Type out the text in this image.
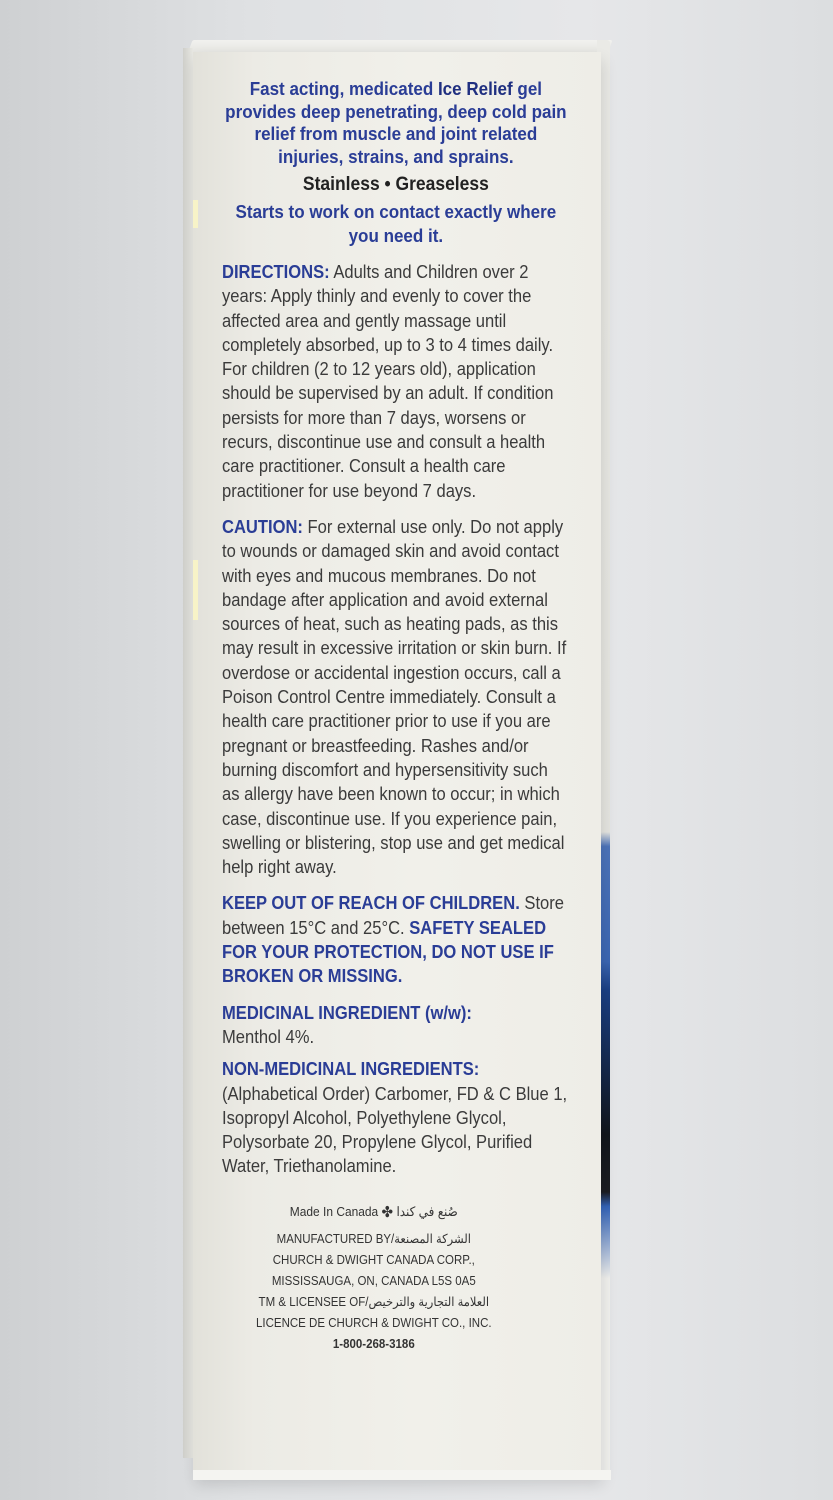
Fast acting, medicated Ice Relief gel provides deep penetrating, deep cold pain relief from muscle and joint related injuries, strains, and sprains.

Stainless • Greaseless

Starts to work on contact exactly where you need it.

DIRECTIONS: Adults and Children over 2 years: Apply thinly and evenly to cover the affected area and gently massage until completely absorbed, up to 3 to 4 times daily. For children (2 to 12 years old), application should be supervised by an adult. If condition persists for more than 7 days, worsens or recurs, discontinue use and consult a health care practitioner. Consult a health care practitioner for use beyond 7 days.

CAUTION: For external use only. Do not apply to wounds or damaged skin and avoid contact with eyes and mucous membranes. Do not bandage after application and avoid external sources of heat, such as heating pads, as this may result in excessive irritation or skin burn. If overdose or accidental ingestion occurs, call a Poison Control Centre immediately. Consult a health care practitioner prior to use if you are pregnant or breastfeeding. Rashes and/or burning discomfort and hypersensitivity such as allergy have been known to occur; in which case, discontinue use. If you experience pain, swelling or blistering, stop use and get medical help right away.

KEEP OUT OF REACH OF CHILDREN. Store between 15°C and 25°C. SAFETY SEALED FOR YOUR PROTECTION, DO NOT USE IF BROKEN OR MISSING.

MEDICINAL INGREDIENT (w/w):
Menthol 4%.

NON-MEDICINAL INGREDIENTS:
(Alphabetical Order) Carbomer, FD & C Blue 1, Isopropyl Alcohol, Polyethylene Glycol, Polysorbate 20, Propylene Glycol, Purified Water, Triethanolamine.

Made In Canada ✤ صُنع في كندا
MANUFACTURED BY/الشركة المصنعة
CHURCH & DWIGHT CANADA CORP.,
MISSISSAUGA, ON, CANADA L5S 0A5
TM & LICENSEE OF/العلامة التجارية والترخيص
LICENCE DE CHURCH & DWIGHT CO., INC.
1-800-268-3186
